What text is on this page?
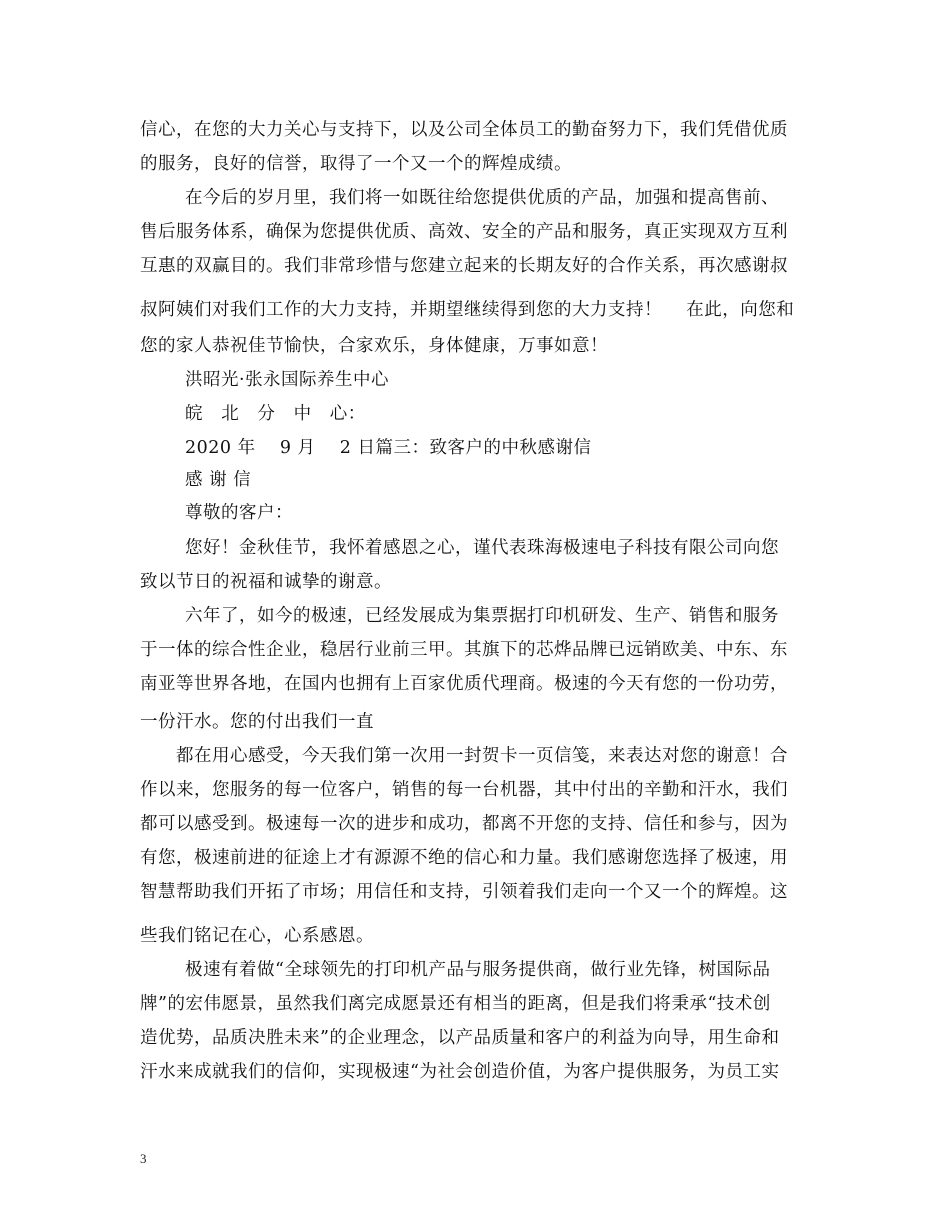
信心，在您的大力关心与支持下，以及公司全体员工的勤奋努力下，我们凭借优质
的服务，良好的信誉，取得了一个又一个的辉煌成绩。
在今后的岁月里，我们将一如既往给您提供优质的产品，加强和提高售前、
售后服务体系，确保为您提供优质、高效、安全的产品和服务，真正实现双方互利
互惠的双赢目的。我们非常珍惜与您建立起来的长期友好的合作关系，再次感谢叔
叔阿姨们对我们工作的大力支持，并期望继续得到您的大力支持！    在此，向您和
您的家人恭祝佳节愉快，合家欢乐，身体健康，万事如意！
洪昭光·张永国际养生中心
皖   北   分   中   心：
2020 年    9 月    2 日篇三：致客户的中秋感谢信
感 谢 信
尊敬的客户：
您好！金秋佳节，我怀着感恩之心，谨代表珠海极速电子科技有限公司向您
致以节日的祝福和诚挚的谢意。
六年了，如今的极速，已经发展成为集票据打印机研发、生产、销售和服务
于一体的综合性企业，稳居行业前三甲。其旗下的芯烨品牌已远销欧美、中东、东
南亚等世界各地，在国内也拥有上百家优质代理商。极速的今天有您的一份功劳，
一份汗水。您的付出我们一直
都在用心感受，今天我们第一次用一封贺卡一页信笺，来表达对您的谢意！合
作以来，您服务的每一位客户，销售的每一台机器，其中付出的辛勤和汗水，我们
都可以感受到。极速每一次的进步和成功，都离不开您的支持、信任和参与，因为
有您，极速前进的征途上才有源源不绝的信心和力量。我们感谢您选择了极速，用
智慧帮助我们开拓了市场；用信任和支持，引领着我们走向一个又一个的辉煌。这
些我们铭记在心，心系感恩。
极速有着做“全球领先的打印机产品与服务提供商，做行业先锋，树国际品
牌”的宏伟愿景，虽然我们离完成愿景还有相当的距离，但是我们将秉承“技术创
造优势，品质决胜未来”的企业理念，以产品质量和客户的利益为向导，用生命和
汗水来成就我们的信仰，实现极速“为社会创造价值，为客户提供服务，为员工实
3
